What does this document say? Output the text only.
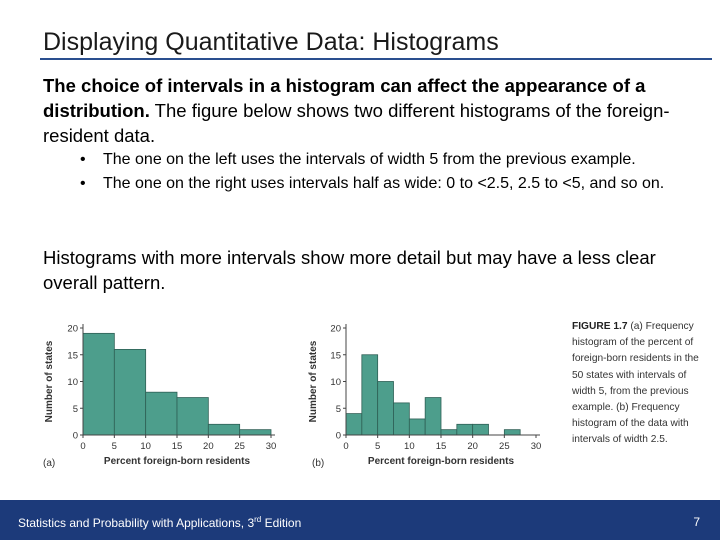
Displaying Quantitative Data: Histograms
The choice of intervals in a histogram can affect the appearance of a distribution. The figure below shows two different histograms of the foreign-resident data.
• The one on the left uses the intervals of width 5 from the previous example.
• The one on the right uses intervals half as wide: 0 to <2.5, 2.5 to <5, and so on.
Histograms with more intervals show more detail but may have a less clear overall pattern.
0
5
10
15
20
0	5 10 15 20 25 30
Percent foreign-born residents
Number of states
(a)
0
5
10
15
20
0	5 10 15 20 25 30
Percent foreign-born residents
Number of states
(b)
FIGURE 1.7 (a) Frequency histogram of the percent of foreign-born residents in the 50 states with intervals of width 5, from the previous example. (b) Frequency histogram of the data with intervals of width 2.5.
Statistics and Probability with Applications, 3rd Edition	7
